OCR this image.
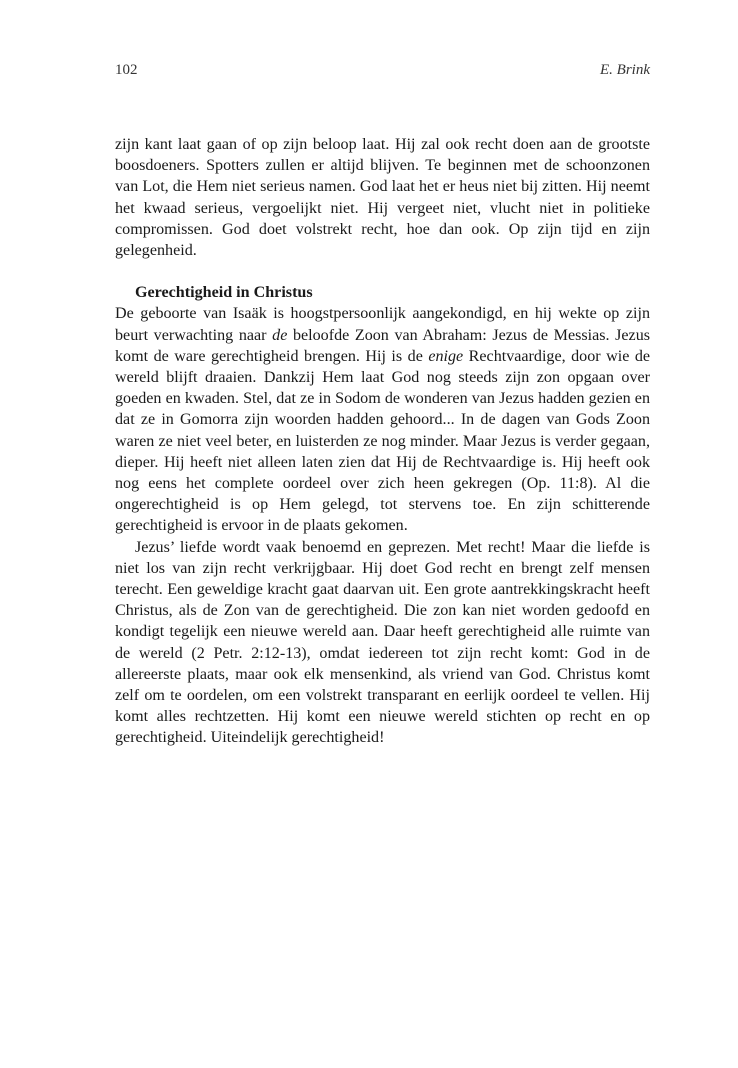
102	E. Brink

zijn kant laat gaan of op zijn beloop laat. Hij zal ook recht doen aan de grootste boosdoeners. Spotters zullen er altijd blijven. Te beginnen met de schoonzonen van Lot, die Hem niet serieus namen. God laat het er heus niet bij zitten. Hij neemt het kwaad serieus, vergoelijkt niet. Hij vergeet niet, vlucht niet in politieke compromissen. God doet volstrekt recht, hoe dan ook. Op zijn tijd en zijn gelegenheid.

Gerechtigheid in Christus

De geboorte van Isaäk is hoogstpersoonlijk aangekondigd, en hij wekte op zijn beurt verwachting naar de beloofde Zoon van Abraham: Jezus de Messias. Jezus komt de ware gerechtigheid brengen. Hij is de enige Rechtvaardige, door wie de wereld blijft draaien. Dankzij Hem laat God nog steeds zijn zon opgaan over goeden en kwaden. Stel, dat ze in Sodom de wonderen van Jezus hadden gezien en dat ze in Gomorra zijn woorden hadden gehoord... In de dagen van Gods Zoon waren ze niet veel beter, en luisterden ze nog minder. Maar Jezus is verder gegaan, dieper. Hij heeft niet alleen laten zien dat Hij de Rechtvaardige is. Hij heeft ook nog eens het complete oordeel over zich heen gekregen (Op. 11:8). Al die ongerechtigheid is op Hem gelegd, tot stervens toe. En zijn schitterende gerechtigheid is ervoor in de plaats gekomen.

Jezus’ liefde wordt vaak benoemd en geprezen. Met recht! Maar die liefde is niet los van zijn recht verkrijgbaar. Hij doet God recht en brengt zelf mensen terecht. Een geweldige kracht gaat daarvan uit. Een grote aantrekkingskracht heeft Christus, als de Zon van de gerechtigheid. Die zon kan niet worden gedoofd en kondigt tegelijk een nieuwe wereld aan. Daar heeft gerechtigheid alle ruimte van de wereld (2 Petr. 2:12-13), omdat iedereen tot zijn recht komt: God in de allereerste plaats, maar ook elk mensenkind, als vriend van God. Christus komt zelf om te oordelen, om een volstrekt transparant en eerlijk oordeel te vellen. Hij komt alles rechtzetten. Hij komt een nieuwe wereld stichten op recht en op gerechtigheid. Uiteindelijk gerechtigheid!
